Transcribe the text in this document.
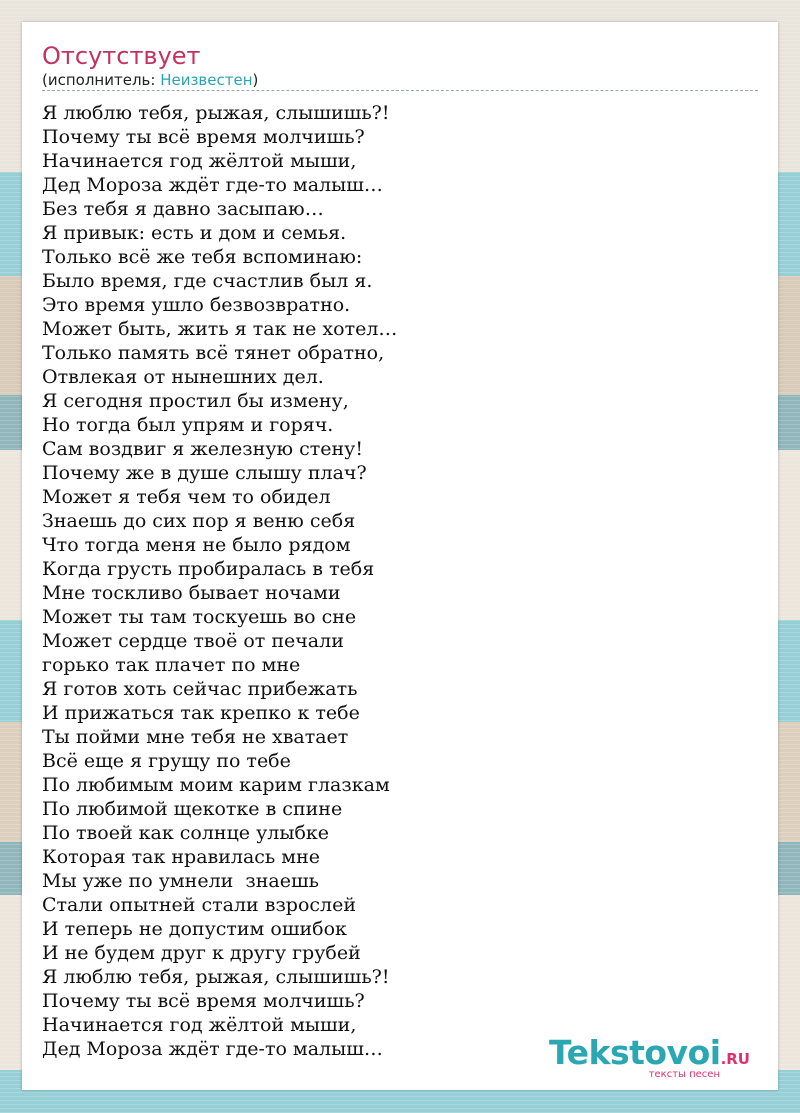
Отсутствует
(исполнитель: Неизвестен)
Я люблю тебя, рыжая, слышишь?!
Почему ты всё время молчишь?
Начинается год жёлтой мыши,
Дед Мороза ждёт где-то малыш…
Без тебя я давно засыпаю…
Я привык: есть и дом и семья.
Только всё же тебя вспоминаю:
Было время, где счастлив был я.
Это время ушло безвозвратно.
Может быть, жить я так не хотел…
Только память всё тянет обратно,
Отвлекая от нынешних дел.
Я сегодня простил бы измену,
Но тогда был упрям и горяч.
Сам воздвиг я железную стену!
Почему же в душе слышу плач?
Может я тебя чем то обидел
Знаешь до сих пор я веню себя
Что тогда меня не было рядом
Когда грусть пробиралась в тебя
Мне тоскливо бывает ночами
Может ты там тоскуешь во сне
Может сердце твоё от печали
горько так плачет по мне
Я готов хоть сейчас прибежать
И прижаться так крепко к тебе
Ты пойми мне тебя не хватает
Всё еще я грущу по тебе
По любимым моим карим глазкам
По любимой щекотке в спине
По твоей как солнце улыбке
Которая так нравилась мне
Мы уже по умнели  знаешь
Стали опытней стали взрослей
И теперь не допустим ошибок
И не будем друг к другу грубей
Я люблю тебя, рыжая, слышишь?!
Почему ты всё время молчишь?
Начинается год жёлтой мыши,
Дед Мороза ждёт где-то малыш…	Tekstovoi.RU
тексты песен
